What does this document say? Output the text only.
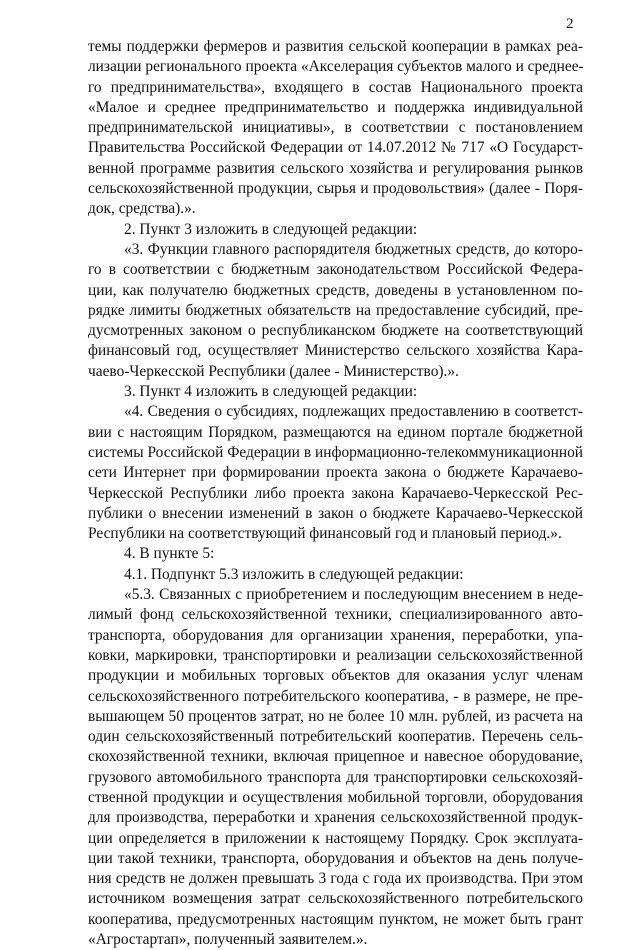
2
темы поддержки фермеров и развития сельской кооперации в рамках реа-
лизации регионального проекта «Акселерация субъектов малого и среднее-
го предпринимательства», входящего в состав Национального проекта
«Малое и среднее предпринимательство и поддержка индивидуальной
предпринимательской инициативы», в соответствии с постановлением
Правительства Российской Федерации от 14.07.2012 № 717 «О Государст-
венной программе развития сельского хозяйства и регулирования рынков
сельскохозяйственной продукции, сырья и продовольствия» (далее - Поря-
док, средства).».
2. Пункт 3 изложить в следующей редакции:
«3. Функции главного распорядителя бюджетных средств, до которо-
го в соответствии с бюджетным законодательством Российской Федера-
ции, как получателю бюджетных средств, доведены в установленном по-
рядке лимиты бюджетных обязательств на предоставление субсидий, пре-
дусмотренных законом о республиканском бюджете на соответствующий
финансовый год, осуществляет Министерство сельского хозяйства Кара-
чаево-Черкесской Республики (далее - Министерство).».
3. Пункт 4 изложить в следующей редакции:
«4. Сведения о субсидиях, подлежащих предоставлению в соответст-
вии с настоящим Порядком, размещаются на едином портале бюджетной
системы Российской Федерации в информационно-телекоммуникационной
сети Интернет при формировании проекта закона о бюджете Карачаево-
Черкесской Республики либо проекта закона Карачаево-Черкесской Рес-
публики о внесении изменений в закон о бюджете Карачаево-Черкесской
Республики на соответствующий финансовый год и плановый период.».
4. В пункте 5:
4.1. Подпункт 5.3 изложить в следующей редакции:
«5.3. Связанных с приобретением и последующим внесением в неде-
лимый фонд сельскохозяйственной техники, специализированного авто-
транспорта, оборудования для организации хранения, переработки, упа-
ковки, маркировки, транспортировки и реализации сельскохозяйственной
продукции и мобильных торговых объектов для оказания услуг членам
сельскохозяйственного потребительского кооператива, - в размере, не пре-
вышающем 50 процентов затрат, но не более 10 млн. рублей, из расчета на
один сельскохозяйственный потребительский кооператив. Перечень сель-
скохозяйственной техники, включая прицепное и навесное оборудование,
грузового автомобильного транспорта для транспортировки сельскохозяй-
ственной продукции и осуществления мобильной торговли, оборудования
для производства, переработки и хранения сельскохозяйственной продук-
ции определяется в приложении к настоящему Порядку. Срок эксплуата-
ции такой техники, транспорта, оборудования и объектов на день получе-
ния средств не должен превышать 3 года с года их производства. При этом
источником возмещения затрат сельскохозяйственного потребительского
кооператива, предусмотренных настоящим пунктом, не может быть грант
«Агростартап», полученный заявителем.».
